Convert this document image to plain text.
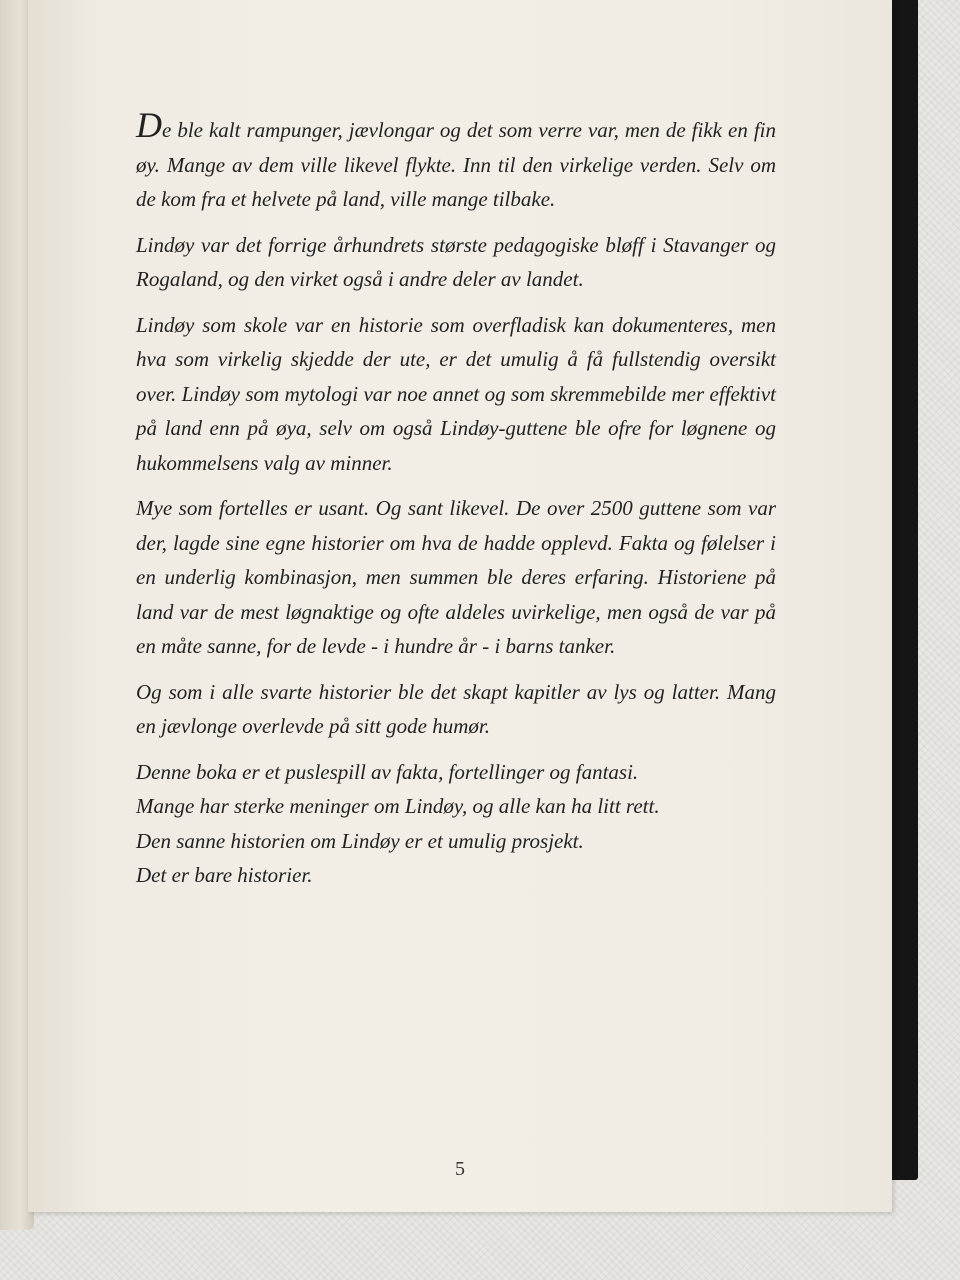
De ble kalt rampunger, jævlongar og det som verre var, men de fikk en fin øy. Mange av dem ville likevel flykte. Inn til den virkelige verden. Selv om de kom fra et helvete på land, ville mange tilbake.

Lindøy var det forrige århundrets største pedagogiske bløff i Stavanger og Rogaland, og den virket også i andre deler av landet.

Lindøy som skole var en historie som overfladisk kan dokumenteres, men hva som virkelig skjedde der ute, er det umulig å få fullstendig oversikt over. Lindøy som mytologi var noe annet og som skremmebilde mer effektivt på land enn på øya, selv om også Lindøy-guttene ble ofre for løgnene og hukommelsens valg av minner.

Mye som fortelles er usant. Og sant likevel. De over 2500 guttene som var der, lagde sine egne historier om hva de hadde opplevd. Fakta og følelser i en underlig kombinasjon, men summen ble deres erfaring. Historiene på land var de mest løgnaktige og ofte aldeles uvirkelige, men også de var på en måte sanne, for de levde - i hundre år - i barns tanker.

Og som i alle svarte historier ble det skapt kapitler av lys og latter. Mang en jævlonge overlevde på sitt gode humør.

Denne boka er et puslespill av fakta, fortellinger og fantasi.

Mange har sterke meninger om Lindøy, og alle kan ha litt rett.

Den sanne historien om Lindøy er et umulig prosjekt.

Det er bare historier.

5
